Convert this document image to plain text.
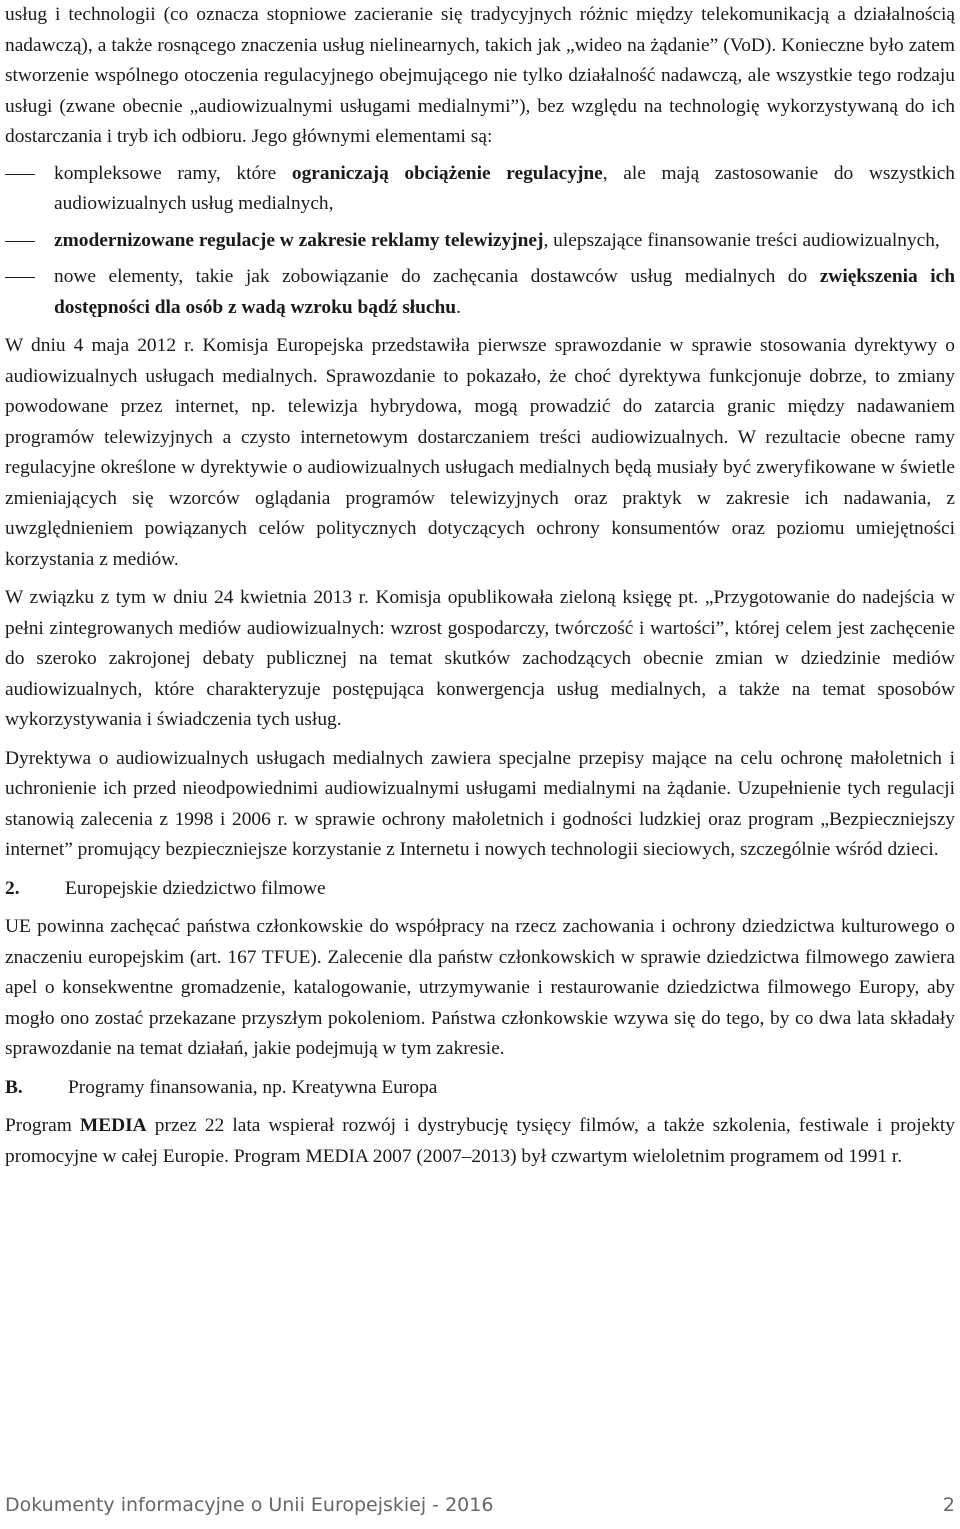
usług i technologii (co oznacza stopniowe zacieranie się tradycyjnych różnic między telekomunikacją a działalnością nadawczą), a także rosnącego znaczenia usług nielinearnych, takich jak „wideo na żądanie” (VoD). Konieczne było zatem stworzenie wspólnego otoczenia regulacyjnego obejmującego nie tylko działalność nadawczą, ale wszystkie tego rodzaju usługi (zwane obecnie „audiowizualnymi usługami medialnymi”), bez względu na technologię wykorzystywaną do ich dostarczania i tryb ich odbioru. Jego głównymi elementami są:

kompleksowe ramy, które ograniczają obciążenie regulacyjne, ale mają zastosowanie do wszystkich audiowizualnych usług medialnych,
zmodernizowane regulacje w zakresie reklamy telewizyjnej, ulepszające finansowanie treści audiowizualnych,
nowe elementy, takie jak zobowiązanie do zachęcania dostawców usług medialnych do zwiększenia ich dostępności dla osób z wadą wzroku bądź słuchu.

W dniu 4 maja 2012 r. Komisja Europejska przedstawiła pierwsze sprawozdanie w sprawie stosowania dyrektywy o audiowizualnych usługach medialnych. Sprawozdanie to pokazało, że choć dyrektywa funkcjonuje dobrze, to zmiany powodowane przez internet, np. telewizja hybrydowa, mogą prowadzić do zatarcia granic między nadawaniem programów telewizyjnych a czysto internetowym dostarczaniem treści audiowizualnych. W rezultacie obecne ramy regulacyjne określone w dyrektywie o audiowizualnych usługach medialnych będą musiały być zweryfikowane w świetle zmieniających się wzorców oglądania programów telewizyjnych oraz praktyk w zakresie ich nadawania, z uwzględnieniem powiązanych celów politycznych dotyczących ochrony konsumentów oraz poziomu umiejętności korzystania z mediów.

W związku z tym w dniu 24 kwietnia 2013 r. Komisja opublikowała zieloną księgę pt. „Przygotowanie do nadejścia w pełni zintegrowanych mediów audiowizualnych: wzrost gospodarczy, twórczość i wartości”, której celem jest zachęcenie do szeroko zakrojonej debaty publicznej na temat skutków zachodzących obecnie zmian w dziedzinie mediów audiowizualnych, które charakteryzuje postępująca konwergencja usług medialnych, a także na temat sposobów wykorzystywania i świadczenia tych usług.

Dyrektywa o audiowizualnych usługach medialnych zawiera specjalne przepisy mające na celu ochronę małoletnich i uchronienie ich przed nieodpowiednimi audiowizualnymi usługami medialnymi na żądanie. Uzupełnienie tych regulacji stanowią zalecenia z 1998 i 2006 r. w sprawie ochrony małoletnich i godności ludzkiej oraz program „Bezpieczniejszy internet” promujący bezpieczniejsze korzystanie z Internetu i nowych technologii sieciowych, szczególnie wśród dzieci.

2.	Europejskie dziedzictwo filmowe

UE powinna zachęcać państwa członkowskie do współpracy na rzecz zachowania i ochrony dziedzictwa kulturowego o znaczeniu europejskim (art. 167 TFUE). Zalecenie dla państw członkowskich w sprawie dziedzictwa filmowego zawiera apel o konsekwentne gromadzenie, katalogowanie, utrzymywanie i restaurowanie dziedzictwa filmowego Europy, aby mogło ono zostać przekazane przyszłym pokoleniom. Państwa członkowskie wzywa się do tego, by co dwa lata składały sprawozdanie na temat działań, jakie podejmują w tym zakresie.

B.	Programy finansowania, np. Kreatywna Europa

Program MEDIA przez 22 lata wspierał rozwój i dystrybucję tysięcy filmów, a także szkolenia, festiwale i projekty promocyjne w całej Europie. Program MEDIA 2007 (2007–2013) był czwartym wieloletnim programem od 1991 r.

Dokumenty informacyjne o Unii Europejskiej - 2016	2
